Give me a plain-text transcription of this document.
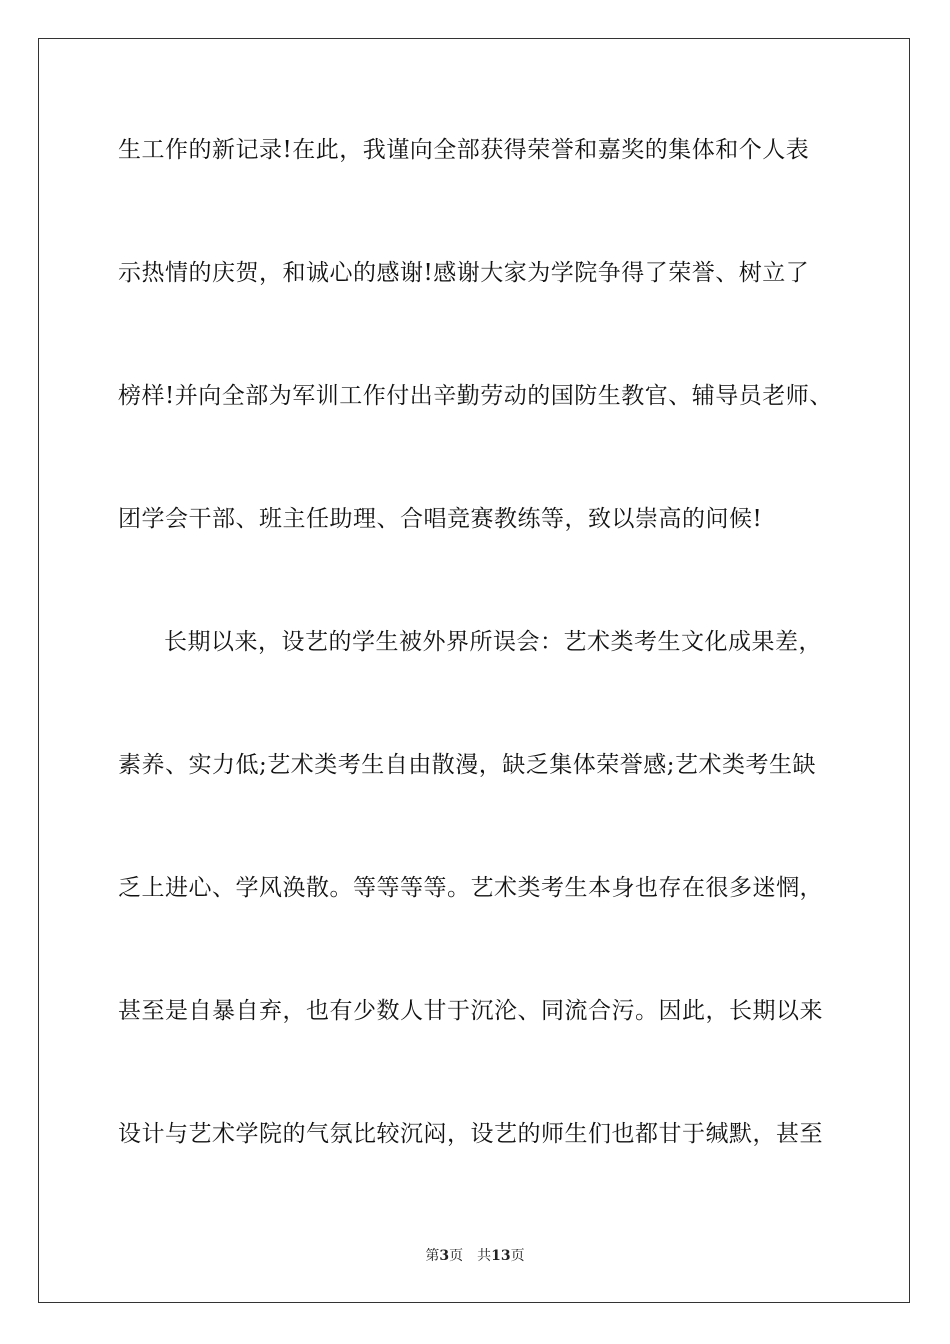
生工作的新记录!在此，我谨向全部获得荣誉和嘉奖的集体和个人表
示热情的庆贺，和诚心的感谢!感谢大家为学院争得了荣誉、树立了
榜样!并向全部为军训工作付出辛勤劳动的国防生教官、辅导员老师、
团学会干部、班主任助理、合唱竞赛教练等，致以崇高的问候!
长期以来，设艺的学生被外界所误会：艺术类考生文化成果差，
素养、实力低;艺术类考生自由散漫，缺乏集体荣誉感;艺术类考生缺
乏上进心、学风涣散。等等等等。艺术类考生本身也存在很多迷惘，
甚至是自暴自弃，也有少数人甘于沉沦、同流合污。因此，长期以来
设计与艺术学院的气氛比较沉闷，设艺的师生们也都甘于缄默，甚至
第3页 共13页
